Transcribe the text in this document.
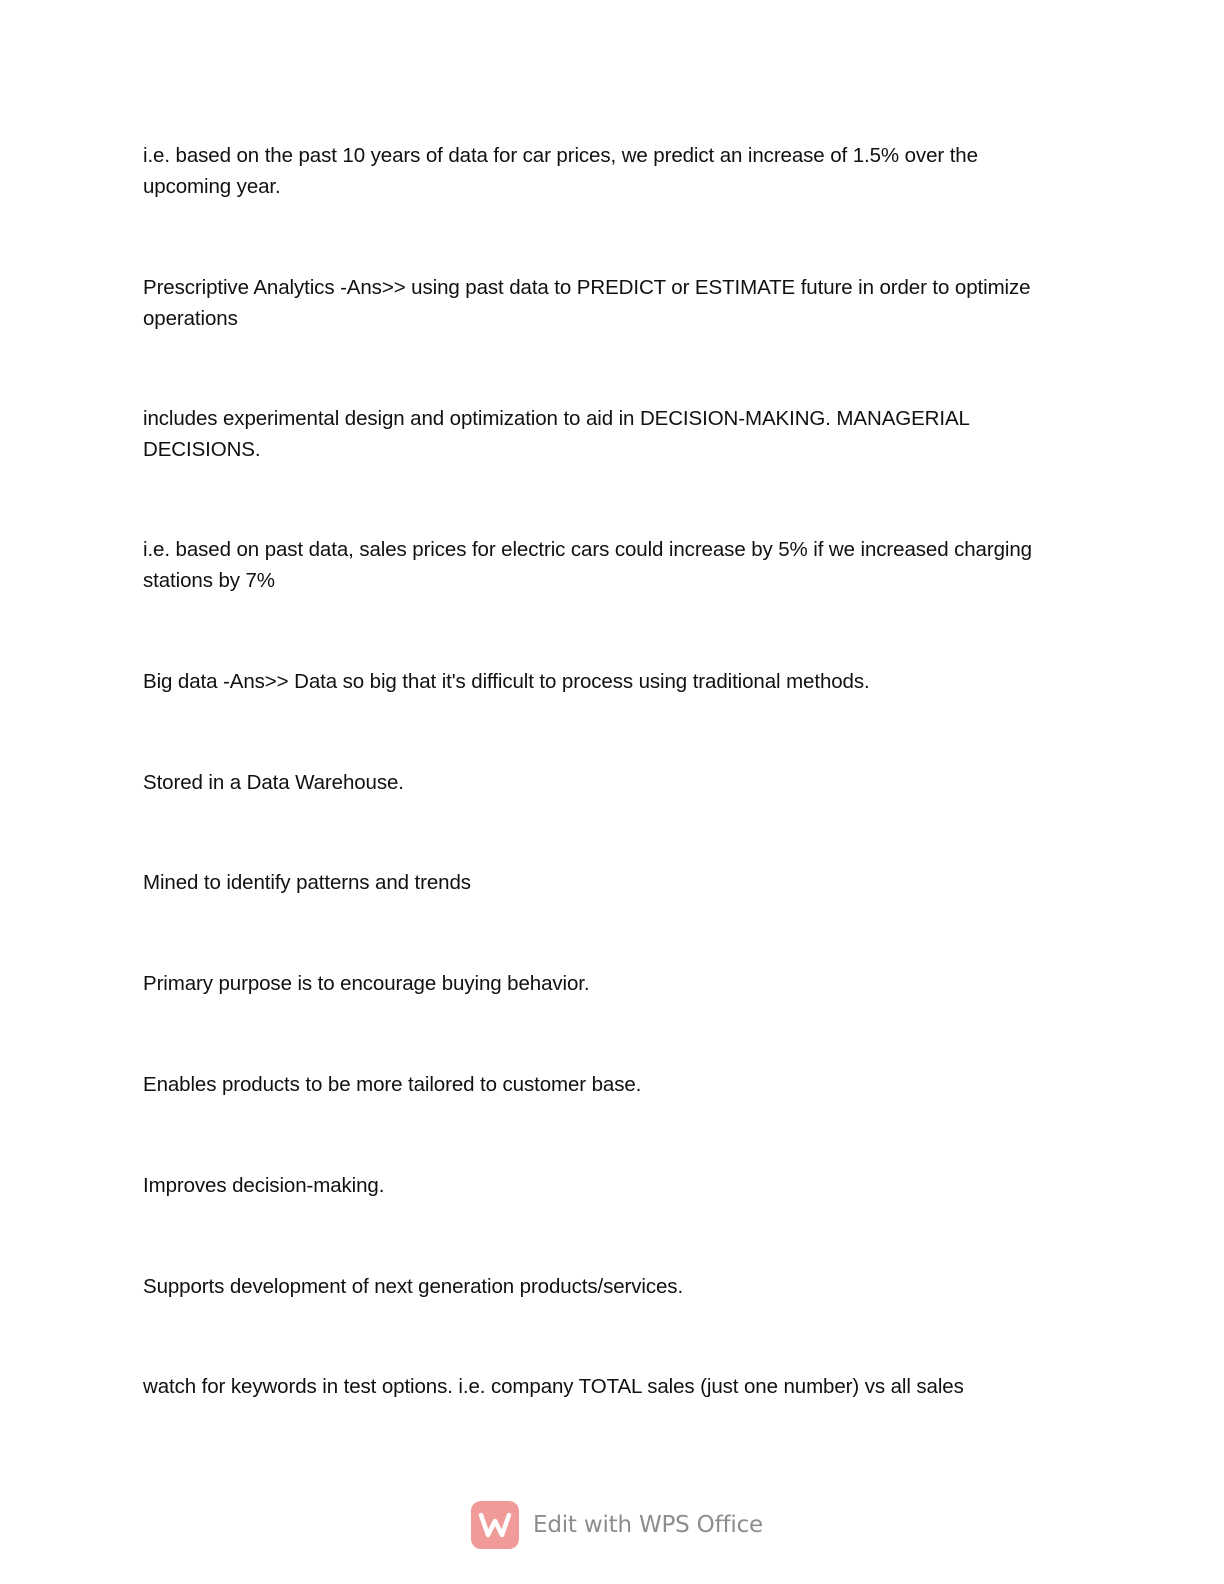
i.e. based on the past 10 years of data for car prices, we predict an increase of 1.5% over the upcoming year.

Prescriptive Analytics -Ans>> using past data to PREDICT or ESTIMATE future in order to optimize operations

includes experimental design and optimization to aid in DECISION-MAKING. MANAGERIAL DECISIONS.

i.e. based on past data, sales prices for electric cars could increase by 5% if we increased charging stations by 7%

Big data -Ans>> Data so big that it's difficult to process using traditional methods.

Stored in a Data Warehouse.

Mined to identify patterns and trends

Primary purpose is to encourage buying behavior.

Enables products to be more tailored to customer base.

Improves decision-making.

Supports development of next generation products/services.

watch for keywords in test options. i.e. company TOTAL sales (just one number) vs all sales

Edit with WPS Office
